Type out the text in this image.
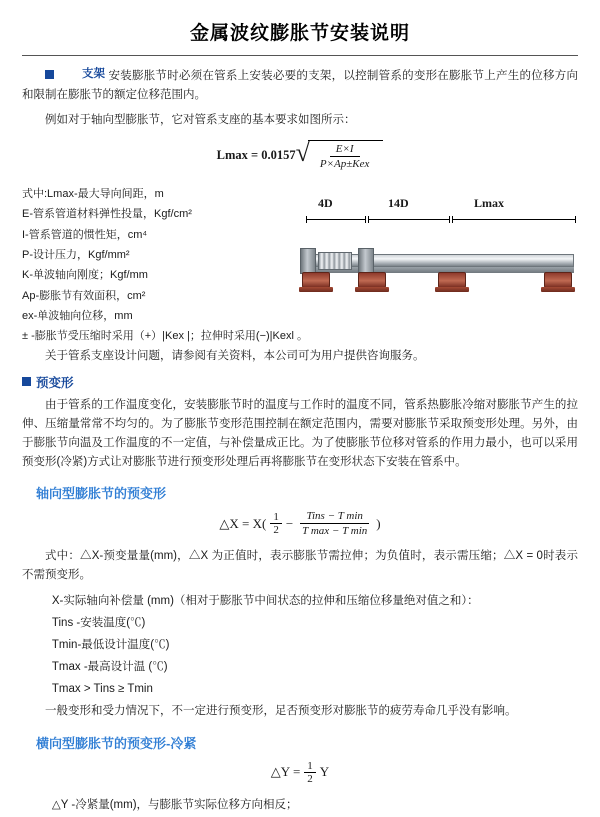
金属波纹膨胀节安装说明

支架 安装膨胀节时必须在管系上安装必要的支架，以控制管系的变形在膨胀节上产生的位移方向和限制在膨胀节的额定位移范围内。

例如对于轴向型膨胀节，它对管系支座的基本要求如图所示：

Lmax = 0.0157 √ $\frac{E\times I}{\text{P×Ap±Kex}}$
式中:Lmax-最大导向间距，m
E-管系管道材料弹性投量，Kgf/cm²
I-管系管道的惯性矩，cm⁴
P-设计压力，Kgf/mm²
K-单波轴向刚度；Kgf/mm
Ap-膨胀节有效面积，cm²
ex-单波轴向位移，mm
± -膨胀节受压缩时采用（+）|Kex |；拉伸时采用(−)|Kexl 。
4D	14D	Lmax

关于管系支座设计问题，请参阅有关资料，本公司可为用户提供咨询服务。

预变形

由于管系的工作温度变化，安装膨胀节时的温度与工作时的温度不同，管系热膨胀冷缩对膨胀节产生的拉伸、压缩量常常不均匀的。为了膨胀节变形范围控制在额定范围内，需要对膨胀节采取预变形处理。另外，由于膨胀节向温及工作温度的不一定值，与补偿量成正比。为了使膨胀节位移对管系的作用力最小，也可以采用预变形(冷紧)方式让对膨胀节进行预变形处理后再将膨胀节在变形状态下安装在管系中。

轴向型膨胀节的预变形
△X = $X( \frac{1}{2} - \frac{\text{Tins − T min}}{\text{T max − T min}}$ )

式中：△X-预变量量(mm)，△X 为正值时，表示膨胀节需拉伸；为负值时，表示需压缩；△X = 0时表示不需预变形。

X-实际轴向补偿量 (mm)（相对于膨胀节中间状态的拉伸和压缩位移量绝对值之和）：
Tins -安装温度(℃)
Tmin-最低设计温度(℃)
Tmax -最高设计温 (℃)
Tmax > Tins ≥ Tmin

一般变形和受力情况下，不一定进行预变形，足否预变形对膨胀节的疲劳寿命几乎没有影响。

横向型膨胀节的预变形-冷紧
△Y = $\frac{1}{2}$ Y
△Y -冷紧量(mm)，与膨胀节实际位移方向相反；
